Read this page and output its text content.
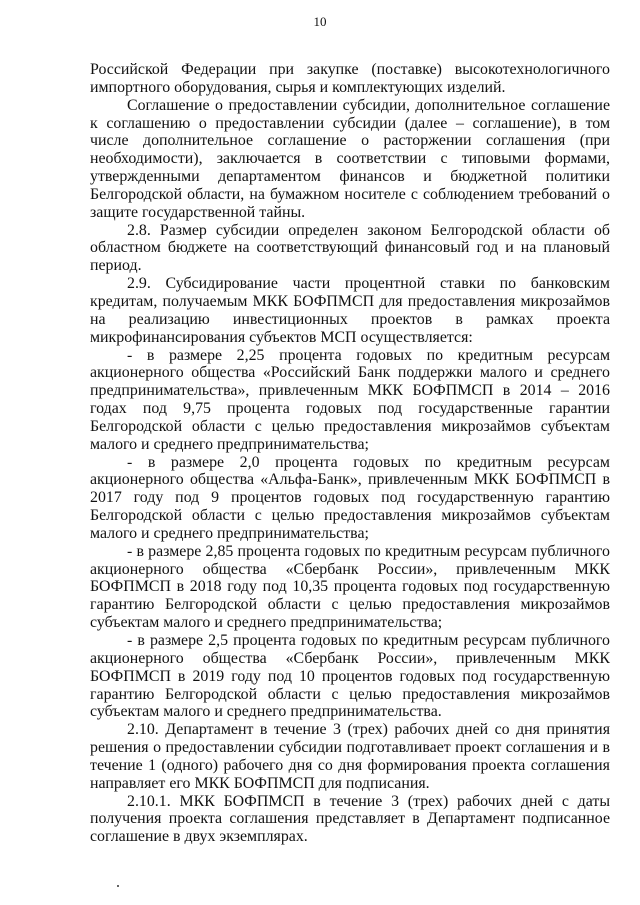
10

Российской Федерации при закупке (поставке) высокотехнологичного импортного оборудования, сырья и комплектующих изделий.

Соглашение о предоставлении субсидии, дополнительное соглашение к соглашению о предоставлении субсидии (далее – соглашение), в том числе дополнительное соглашение о расторжении соглашения (при необходимости), заключается в соответствии с типовыми формами, утвержденными департаментом финансов и бюджетной политики Белгородской области, на бумажном носителе с соблюдением требований о защите государственной тайны.

2.8. Размер субсидии определен законом Белгородской области об областном бюджете на соответствующий финансовый год и на плановый период.

2.9. Субсидирование части процентной ставки по банковским кредитам, получаемым МКК БОФПМСП для предоставления микрозаймов на реализацию инвестиционных проектов в рамках проекта микрофинансирования субъектов МСП осуществляется:

- в размере 2,25 процента годовых по кредитным ресурсам акционерного общества «Российский Банк поддержки малого и среднего предпринимательства», привлеченным МКК БОФПМСП в 2014 – 2016 годах под 9,75 процента годовых под государственные гарантии Белгородской области с целью предоставления микрозаймов субъектам малого и среднего предпринимательства;

- в размере 2,0 процента годовых по кредитным ресурсам акционерного общества «Альфа-Банк», привлеченным МКК БОФПМСП в 2017 году под 9 процентов годовых под государственную гарантию Белгородской области с целью предоставления микрозаймов субъектам малого и среднего предпринимательства;

- в размере 2,85 процента годовых по кредитным ресурсам публичного акционерного общества «Сбербанк России», привлеченным МКК БОФПМСП в 2018 году под 10,35 процента годовых под государственную гарантию Белгородской области с целью предоставления микрозаймов субъектам малого и среднего предпринимательства;

- в размере 2,5 процента годовых по кредитным ресурсам публичного акционерного общества «Сбербанк России», привлеченным МКК БОФПМСП в 2019 году под 10 процентов годовых под государственную гарантию Белгородской области с целью предоставления микрозаймов субъектам малого и среднего предпринимательства.

2.10. Департамент в течение 3 (трех) рабочих дней со дня принятия решения о предоставлении субсидии подготавливает проект соглашения и в течение 1 (одного) рабочего дня со дня формирования проекта соглашения направляет его МКК БОФПМСП для подписания.

2.10.1. МКК БОФПМСП в течение 3 (трех) рабочих дней с даты получения проекта соглашения представляет в Департамент подписанное соглашение в двух экземплярах.
